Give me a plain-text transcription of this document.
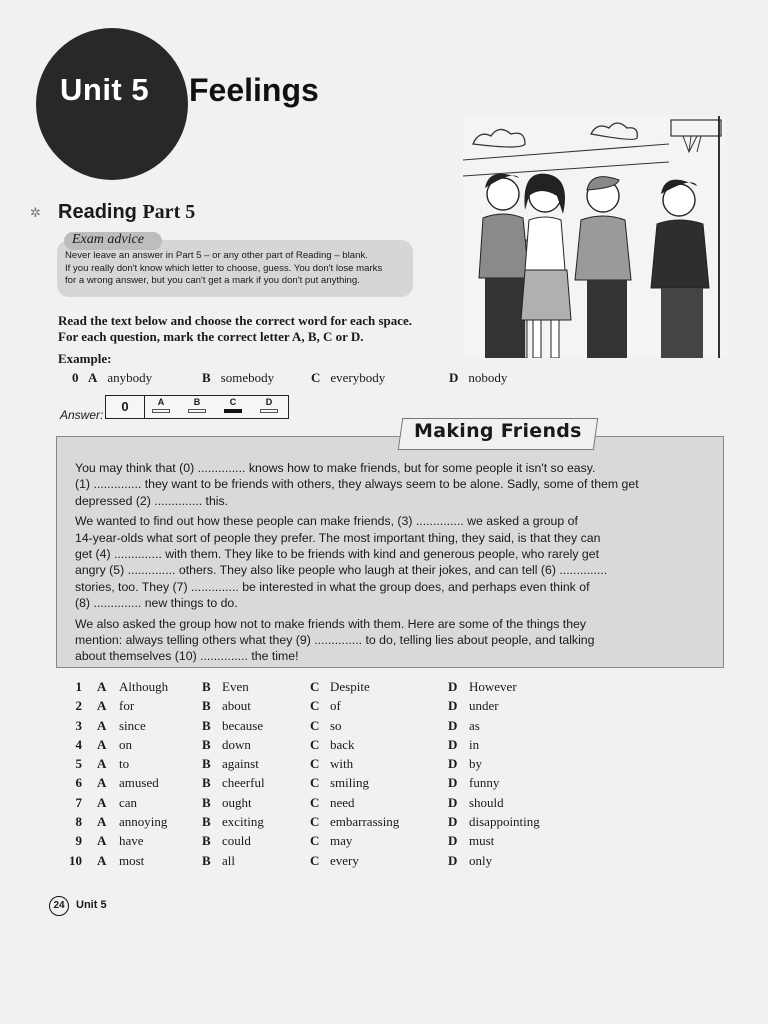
Unit 5 Feelings
✲ Reading Part 5
Exam advice
Never leave an answer in Part 5 – or any other part of Reading – blank.
If you really don't know which letter to choose, guess. You don't lose marks
for a wrong answer, but you can't get a mark if you don't put anything.
Read the text below and choose the correct word for each space.
For each question, mark the correct letter A, B, C or D.
Example:
0 A anybody	B somebody	C everybody	D nobody
Answer:
0	A	B	C	D
Making Friends

You may think that (0) .............. knows how to make friends, but for some people it isn't so easy.
(1) .............. they want to be friends with others, they always seem to be alone. Sadly, some of them get
depressed (2) .............. this.

We wanted to find out how these people can make friends, (3) .............. we asked a group of
14-year-olds what sort of people they prefer. The most important thing, they said, is that they can
get (4) .............. with them. They like to be friends with kind and generous people, who rarely get
angry (5) .............. others. They also like people who laugh at their jokes, and can tell (6) ..............
stories, too. They (7) .............. be interested in what the group does, and perhaps even think of
(8) .............. new things to do.

We also asked the group how not to make friends with them. Here are some of the things they
mention: always telling others what they (9) .............. to do, telling lies about people, and talking
about themselves (10) .............. the time!

1 A Although	B Even	C Despite	D However
2 A for	B about	C of	D under
3 A since	B because	C so	D as
4 A on	B down	C back	D in
5 A to	B against	C with	D by
6 A amused	B cheerful	C smiling	D funny
7 A can	B ought	C need	D should
8 A annoying	B exciting	C embarrassing	D disappointing
9 A have	B could	C may	D must
10 A most	B all	C every	D only
24	Unit 5
